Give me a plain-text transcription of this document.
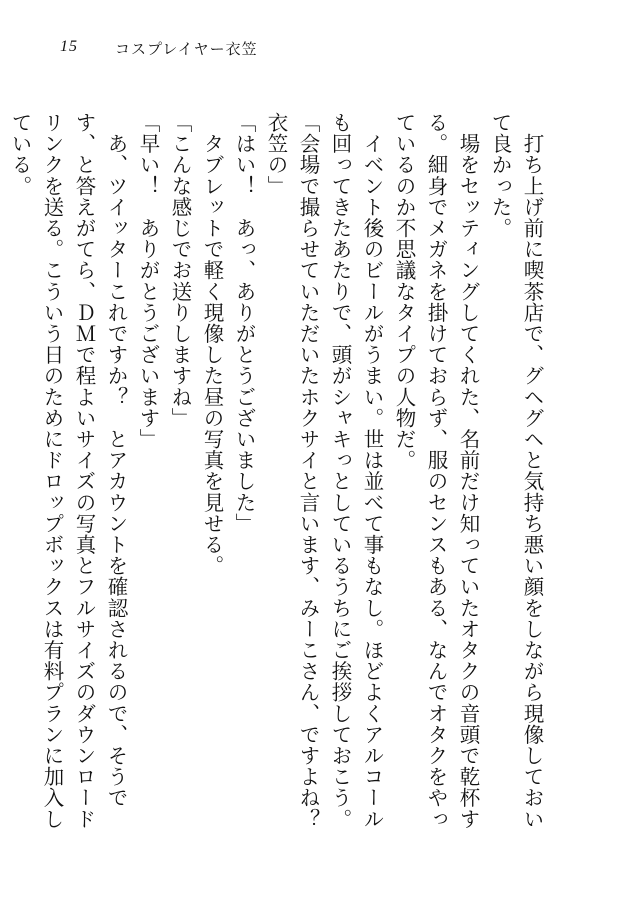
15 コスプレイヤー衣笠

打ち上げ前に喫茶店で、グヘグヘと気持ち悪い顔をしながら現像しておいて良かった。

場をセッティングしてくれた、名前だけ知っていたオタクの音頭で乾杯する。細身でメガネを掛けておらず、服のセンスもある、なんでオタクをやっているのか不思議なタイプの人物だ。

イベント後のビールがうまい。世は並べて事もなし。ほどよくアルコールも回ってきたあたりで、頭がシャキっとしているうちにご挨拶しておこう。

「会場で撮らせていただいたホクサイと言います、みーこさん、ですよね？　衣笠の」

「はい！　あっ、ありがとうございました」

タブレットで軽く現像した昼の写真を見せる。

「こんな感じでお送りしますね」

「早い！　ありがとうございます」

あ、ツイッターこれですか？　とアカウントを確認されるので、そうです、と答えがてら、ＤＭで程よいサイズの写真とフルサイズのダウンロードリンクを送る。こういう日のためにドロップボックスは有料プランに加入している。
